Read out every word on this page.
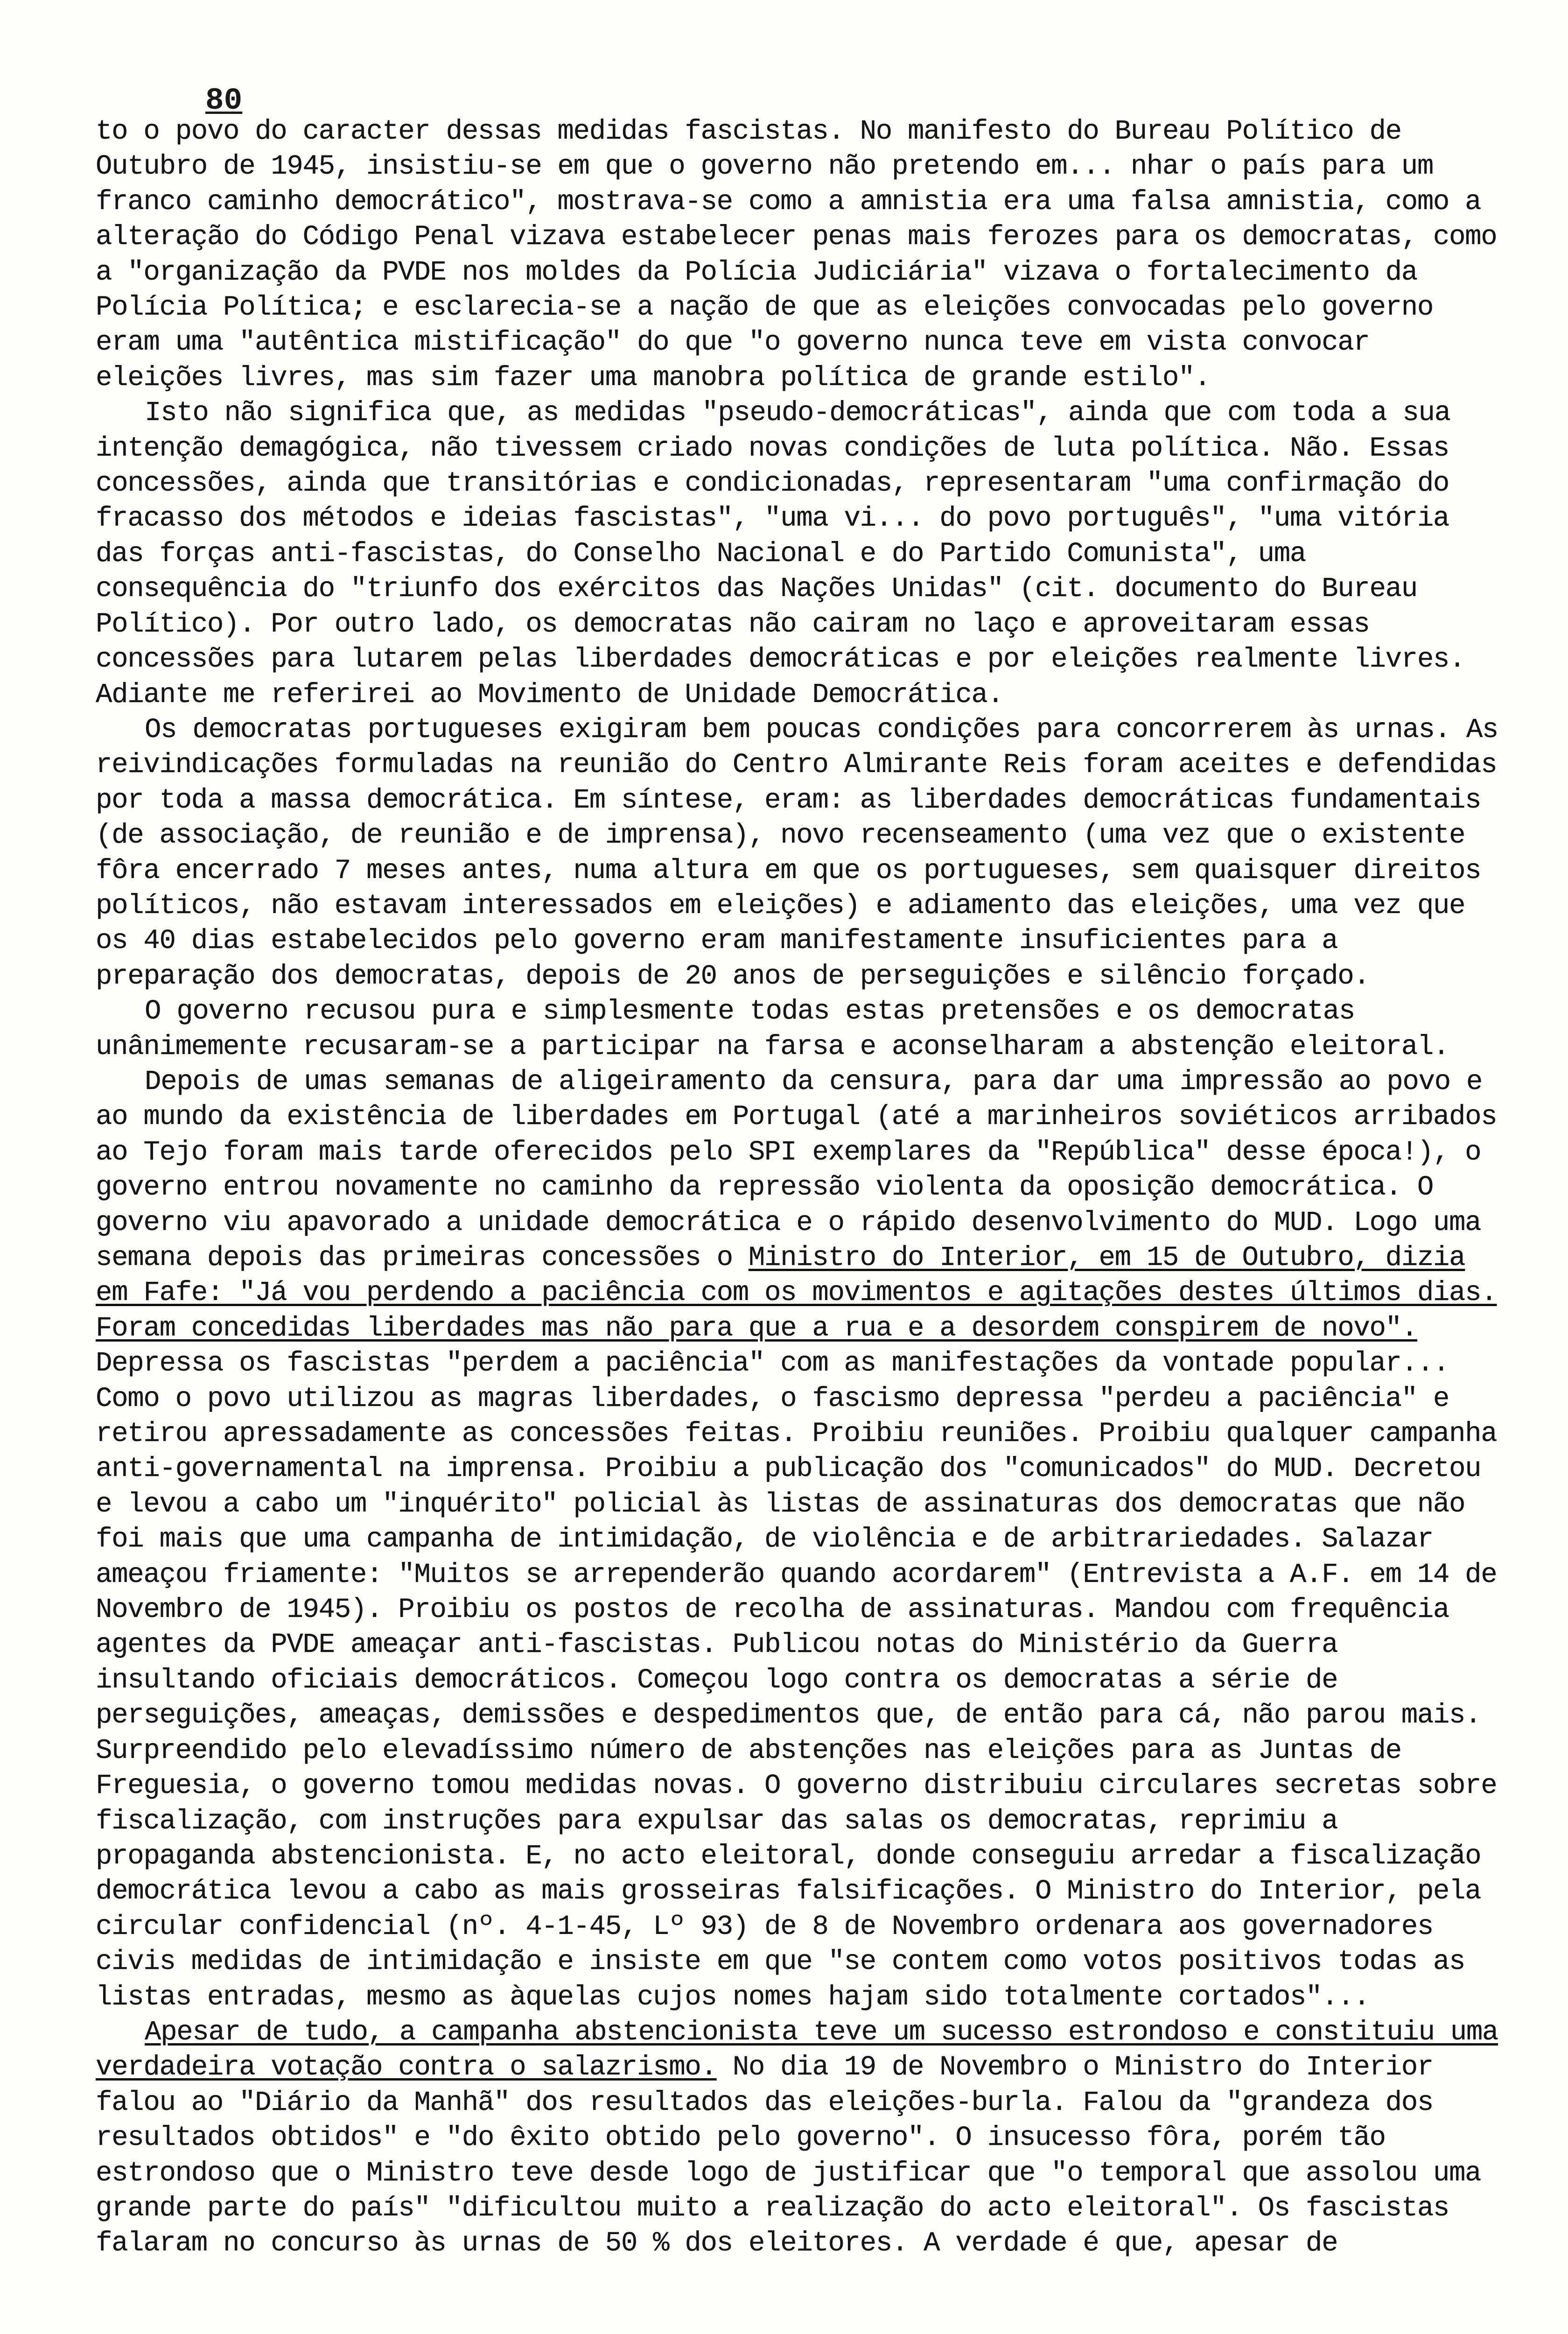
80

to o povo do caracter dessas medidas fascistas. No manifesto do Bureau Político de Outubro de 1945, insistiu-se em que o governo não pretendo em... nhar o país para um franco caminho democrático", mostrava-se como a amnistia era uma falsa amnistia, como a alteração do Código Penal vizava estabelecer penas mais ferozes para os democratas, como a "organização da PVDE nos moldes da Polícia Judiciária" vizava o fortalecimento da Polícia Política; e esclarecia-se a nação de que as eleições convocadas pelo governo eram uma "autêntica mistificação" do que "o governo nunca teve em vista convocar eleições livres, mas sim fazer uma manobra política de grande estilo".

Isto não significa que, as medidas "pseudo-democráticas", ainda que com toda a sua intenção demagógica, não tivessem criado novas condições de luta política. Não. Essas concessões, ainda que transitórias e condicionadas, representaram "uma confirmação do fracasso dos métodos e ideias fascistas", "uma vi... do povo português", "uma vitória das forças anti-fascistas, do Conselho Nacional e do Partido Comunista", uma consequência do "triunfo dos exércitos das Nações Unidas" (cit. documento do Bureau Político). Por outro lado, os democratas não cairam no laço e aproveitaram essas concessões para lutarem pelas liberdades democráticas e por eleições realmente livres. Adiante me referirei ao Movimento de Unidade Democrática.

Os democratas portugueses exigiram bem poucas condições para concorrerem às urnas. As reivindicações formuladas na reunião do Centro Almirante Reis foram aceites e defendidas por toda a massa democrática. Em síntese, eram: as liberdades democráticas fundamentais (de associação, de reunião e de imprensa), novo recenseamento (uma vez que o existente fôra encerrado 7 meses antes, numa altura em que os portugueses, sem quaisquer direitos políticos, não estavam interessados em eleições) e adiamento das eleições, uma vez que os 40 dias estabelecidos pelo governo eram manifestamente insuficientes para a preparação dos democratas, depois de 20 anos de perseguições e silêncio forçado.

O governo recusou pura e simplesmente todas estas pretensões e os democratas unânimemente recusaram-se a participar na farsa e aconselharam a abstenção eleitoral.

Depois de umas semanas de aligeiramento da censura, para dar uma impressão ao povo e ao mundo da existência de liberdades em Portugal (até a marinheiros soviéticos arribados ao Tejo foram mais tarde oferecidos pelo SPI exemplares da "República" desse época!), o governo entrou novamente no caminho da repressão violenta da oposição democrática. O governo viu apavorado a unidade democrática e o rápido desenvolvimento do MUD. Logo uma semana depois das primeiras concessões o Ministro do Interior, em 15 de Outubro, dizia em Fafe: "Já vou perdendo a paciência com os movimentos e agitações destes últimos dias. Foram concedidas liberdades mas não para que a rua e a desordem conspirem de novo". Depressa os fascistas "perdem a paciência" com as manifestações da vontade popular... Como o povo utilizou as magras liberdades, o fascismo depressa "perdeu a paciência" e retirou apressadamente as concessões feitas. Proibiu reuniões. Proibiu qualquer campanha anti-governamental na imprensa. Proibiu a publicação dos "comunicados" do MUD. Decretou e levou a cabo um "inquérito" policial às listas de assinaturas dos democratas que não foi mais que uma campanha de intimidação, de violência e de arbitrariedades. Salazar ameaçou friamente: "Muitos se arrependerão quando acordarem" (Entrevista a A.F. em 14 de Novembro de 1945). Proibiu os postos de recolha de assinaturas. Mandou com frequência agentes da PVDE ameaçar anti-fascistas. Publicou notas do Ministério da Guerra insultando oficiais democráticos. Começou logo contra os democratas a série de perseguições, ameaças, demissões e despedimentos que, de então para cá, não parou mais. Surpreendido pelo elevadíssimo número de abstenções nas eleições para as Juntas de Freguesia, o governo tomou medidas novas. O governo distribuiu circulares secretas sobre fiscalização, com instruções para expulsar das salas os democratas, reprimiu a propaganda abstencionista. E, no acto eleitoral, donde conseguiu arredar a fiscalização democrática levou a cabo as mais grosseiras falsificações. O Ministro do Interior, pela circular confidencial (nº. 4-1-45, Lº 93) de 8 de Novembro ordenara aos governadores civis medidas de intimidação e insiste em que "se contem como votos positivos todas as listas entradas, mesmo as àquelas cujos nomes hajam sido totalmente cortados"...

Apesar de tudo, a campanha abstencionista teve um sucesso estrondoso e constituiu uma verdadeira votação contra o salazrismo. No dia 19 de Novembro o Ministro do Interior falou ao "Diário da Manhã" dos resultados das eleições-burla. Falou da "grandeza dos resultados obtidos" e "do êxito obtido pelo governo". O insucesso fôra, porém tão estrondoso que o Ministro teve desde logo de justificar que "o temporal que assolou uma grande parte do país" "dificultou muito a realização do acto eleitoral". Os fascistas falaram no concurso às urnas de 50 % dos eleitores. A verdade é que, apesar de
